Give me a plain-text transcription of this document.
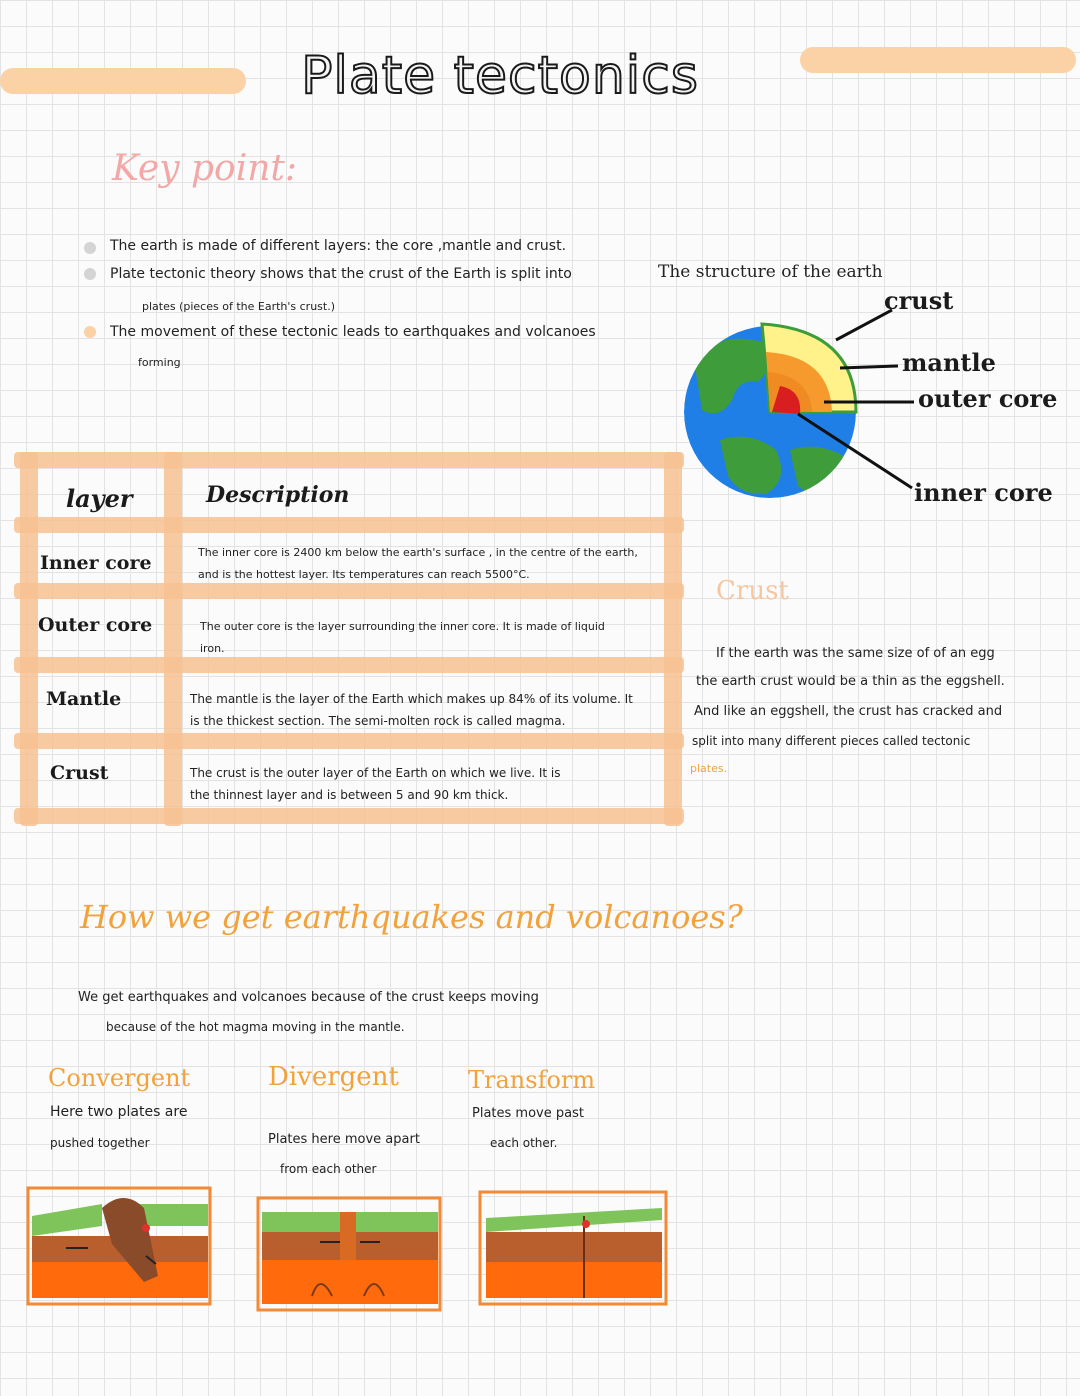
Plate tectonics
Key point:
The earth is made of different layers: the core ,mantle and crust.
Plate tectonic theory shows that the crust of the Earth is split into
plates (pieces of the Earth's crust.)
The movement of these tectonic leads to earthquakes and volcanoes
forming
layer	Description
Inner core	The inner core is 2400 km below the earth's surface , in the centre of the earth,
and is the hottest layer. Its temperatures can reach 5500°C.
Outer core	The outer core is the layer surrounding the inner core. It is made of liquid
iron.
Mantle	The mantle is the layer of the Earth which makes up 84% of its volume. It
is the thickest section. The semi-molten rock is called magma.
Crust	The crust is the outer layer of the Earth on which we live. It is
the thinnest layer and is between 5 and 90 km thick.
The structure of the earth
crust
mantle
outer core
inner core
Crust
If the earth was the same size of of an egg
the earth crust would be a thin as the eggshell.
And like an eggshell, the crust has cracked and
split into many different pieces called tectonic
plates.
How we get earthquakes and volcanoes?
We get earthquakes and volcanoes because of the crust keeps moving
because of the hot magma moving in the mantle.
Convergent
Here two plates are
pushed together
Divergent
Plates here move apart
from each other
Transform
Plates move past
each other.
